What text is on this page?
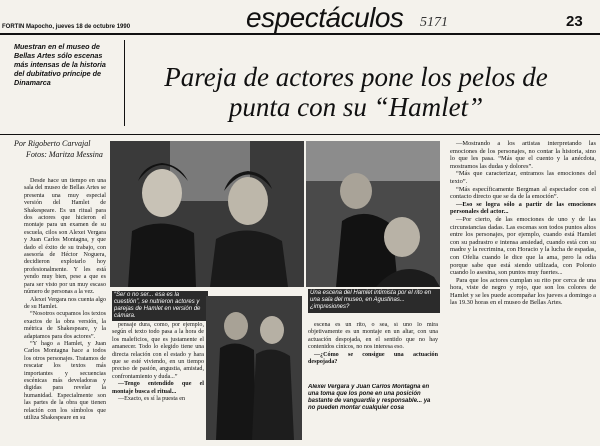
FORTIN Mapocho, jueves 18 de octubre 1990	espectáculos 5171	23
Muestran en el museo de Bellas Artes sólo escenas más intensas de la historia del dubitativo príncipe de Dinamarca	Pareja de actores pone los pelos de punta con su “Hamlet”
Por Rigoberto Carvajal
Fotos: Maritza Messina

Desde hace un tiempo en una sala del museo de Bellas Artes se presenta una muy especial versión del Hamlet de Shakespeare. Es un ritual para dos actores que hicieron el montaje para un examen de su escuela, cilos son Alexei Vergara y Juan Carlos Montagna, y que dado el éxito de su trabajo, con asesoría de Héctor Noguera, decidieron explotarlo hoy profesionalmente. Y les está yendo muy bien, pese a que es para ser visto por un muy escaso número de personas a la vez.

Alexei Vergara nos cuenta algo de su Hamlet.

“Nosotros ocupamos los textos exactos de la obra versión, la métrica de Shakespeare, y la adaptamos para dos actores”.

“Y hago a Hamlet, y Juan Carlos Montagna hace a todos los otros personajes. Tratamos de rescatar los textos más importantes y secuencias escénicas más develadoras y digidas para revelar la humanidad. Especialmente son las partes de la obra que tienen relación con los símbolos que utiliza Shakespeare en su

“Ser o no ser... esa es la cuestión”, se nutrieron actores y parejas de Hamlet en versión de cámara.

pensaje dura, como, por ejemplo, según el texto todo pasa a la hora de los maleficios, que es justamente el amanecer. Todo lo elegido tiene una directa relación con el estado y hara que se esté viviendo, en un tiempo preciso de pasión, angustia, amistad, confrontamiento y duda...”

—Tengo entendido que el montaje busca el ritual...

—Exacto, es sí la puesta en

Una escena del Hamlet intimista por el rito en una sala del museo, en Agustinas... ¿impresiones?

escena es un rito, o sea, sí uno lo mira objetivamente es un montaje en un altar, con una actuación despojada, en el sentido que no hay contenidos cínicos, no nos interesa eso.

—¿Cómo se consigue una actuación despojada?

Alexei Vergara y Juan Carlos Montagna en una toma que los pone en una posición bastante de vanguardia y responsable... ya no pueden montar cualquier cosa

—Mostrando a los artistas interpretando las emociones de los personajes, no contar la historia, sino lo que les pasa. “Más que el cuento y la anécdota, mostramos las dudas y dolores”.

“Más que caracterizar, entramos las emociones del texto”.

“Más específicamente Bergman al espectador con el contacto directo que se da de la emoción”.

—Eso se logra sólo a partir de las emociones personales del actor...

—Por cierto, de las emociones de uno y de las circunstancias dadas. Las escenas son todos puntos altos entre los personajes, por ejemplo, cuando está Hamlet con su padrastro e intensa ansiedad, cuando está con su madre y la recrimina, con Horacio y la lucha de espadas, con Ofelia cuando le dice que la ama, pero la odia porque sabe que está siendo utilizada, con Polonio cuando lo asesina, son puntos muy fuertes...

Para que los actores cumplan su rito por cerca de una hora, viste de negro y rojo, que son los colores de Hamlet y se les puede acompañar los jueves a domingo a las 19.30 horas en el museo de Bellas Artes.
